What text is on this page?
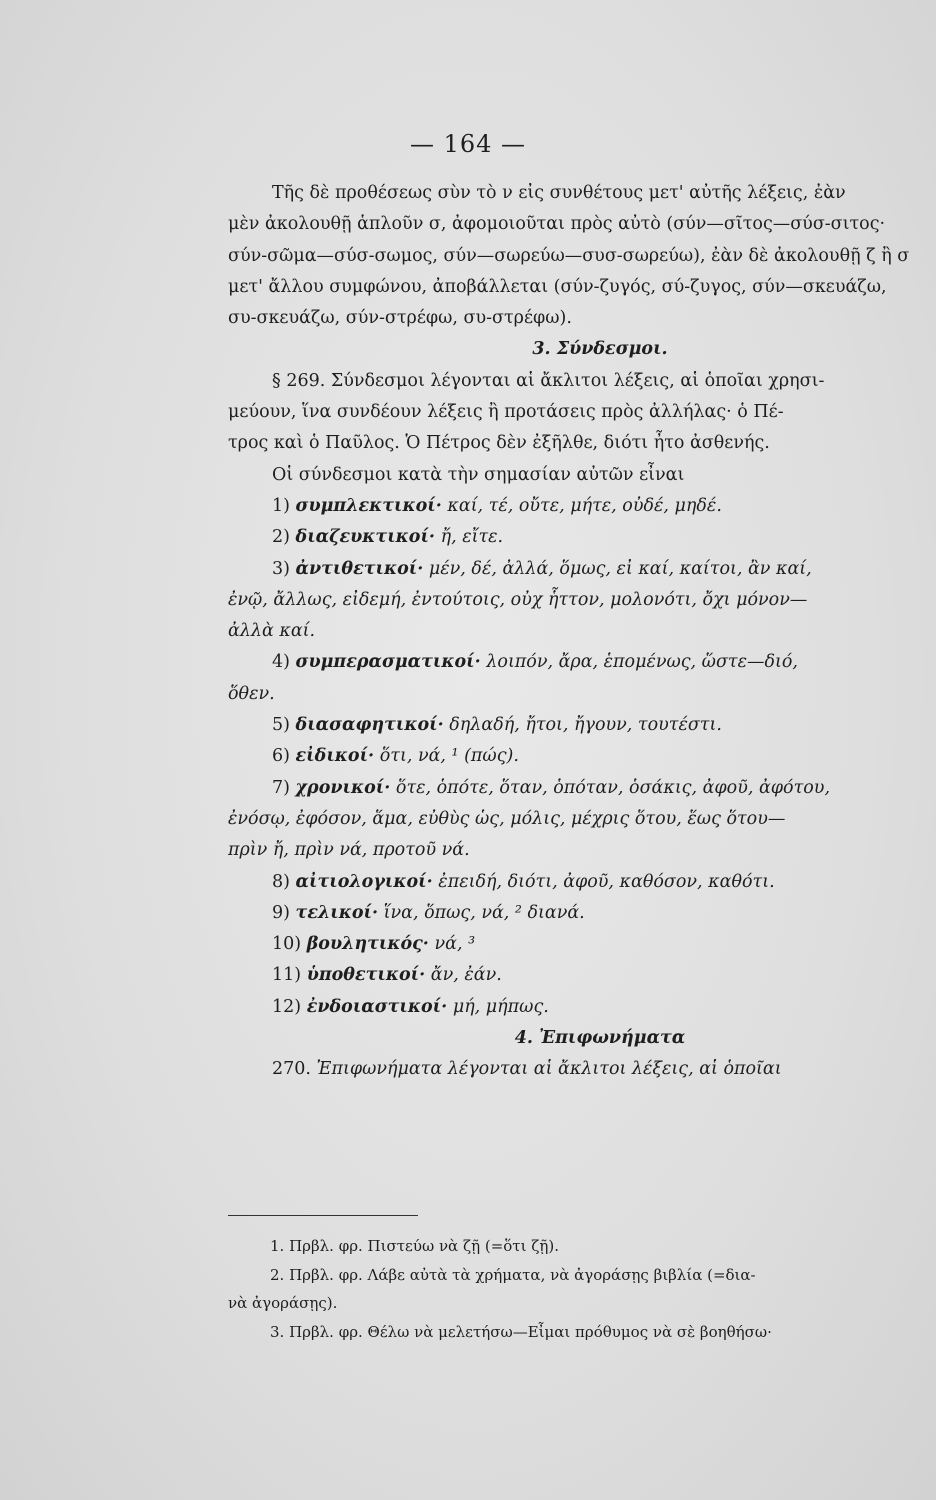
— 164 —

Τῆς δὲ προθέσεως σὺν τὸ ν εἰς συνθέτους μετ' αὐτῆς λέξεις, ἐὰν

μὲν ἀκολουθῇ ἁπλοῦν σ, ἀφομοιοῦται πρὸς αὐτὸ (σύν—σῖτος—σύσ-σιτος·

σύν-σῶμα—σύσ-σωμος, σύν—σωρεύω—συσ-σωρεύω), ἐὰν δὲ ἀκολουθῇ ζ ἢ σ

μετ' ἄλλου συμφώνου, ἀποβάλλεται (σύν-ζυγός, σύ-ζυγος, σύν—σκευάζω,

συ-σκευάζω, σύν-στρέφω, συ-στρέφω).

3. Σύνδεσμοι.

§ 269. Σύνδεσμοι λέγονται αἱ ἄκλιτοι λέξεις, αἱ ὁποῖαι χρησι-

μεύουν, ἵνα συνδέουν λέξεις ἢ προτάσεις πρὸς ἀλλήλας· ὁ Πέ-

τρος καὶ ὁ Παῦλος. Ὁ Πέτρος δὲν ἐξῆλθε, διότι ἦτο ἀσθενής.

Οἱ σύνδεσμοι κατὰ τὴν σημασίαν αὐτῶν εἶναι

1) συμπλεκτικοί· καί, τέ, οὔτε, μήτε, οὐδέ, μηδέ.

2) διαζευκτικοί· ἤ, εἴτε.

3) ἀντιθετικοί· μέν, δέ, ἀλλά, ὅμως, εἰ καί, καίτοι, ἂν καί,

ἐνῷ, ἄλλως, εἰδεμή, ἐντούτοις, οὐχ ἧττον, μολονότι, ὄχι μόνον—

ἀλλὰ καί.

4) συμπερασματικοί· λοιπόν, ἄρα, ἑπομένως, ὥστε—διό,

ὅθεν.

5) διασαφητικοί· δηλαδή, ἤτοι, ἤγουν, τουτέστι.

6) εἰδικοί· ὅτι, νά, ¹ (πώς).

7) χρονικοί· ὅτε, ὁπότε, ὅταν, ὁπόταν, ὁσάκις, ἀφοῦ, ἀφότου,

ἐνόσῳ, ἐφόσον, ἅμα, εὐθὺς ὡς, μόλις, μέχρις ὅτου, ἕως ὅτου—

πρὶν ἤ, πρὶν νά, προτοῦ νά.

8) αἰτιολογικοί· ἐπειδή, διότι, ἀφοῦ, καθόσον, καθότι.

9) τελικοί· ἵνα, ὅπως, νά, ² διανά.

10) βουλητικός· νά, ³

11) ὑποθετικοί· ἄν, ἐάν.

12) ἐνδοιαστικοί· μή, μήπως.

4. Ἐπιφωνήματα

270. Ἐπιφωνήματα λέγονται αἱ ἄκλιτοι λέξεις, αἱ ὁποῖαι

1. Πρβλ. φρ. Πιστεύω νὰ ζῇ (=ὅτι ζῇ).

2. Πρβλ. φρ. Λάβε αὐτὰ τὰ χρήματα, νὰ ἀγοράσῃς βιβλία (=δια-

νὰ ἀγοράσῃς).

3. Πρβλ. φρ. Θέλω νὰ μελετήσω—Εἶμαι πρόθυμος νὰ σὲ βοηθήσω·
